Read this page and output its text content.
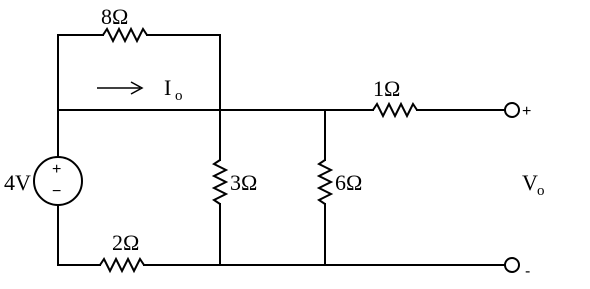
8Ω
1Ω
3Ω	6Ω
2Ω
4V
+
−
I o
V o
+
-
